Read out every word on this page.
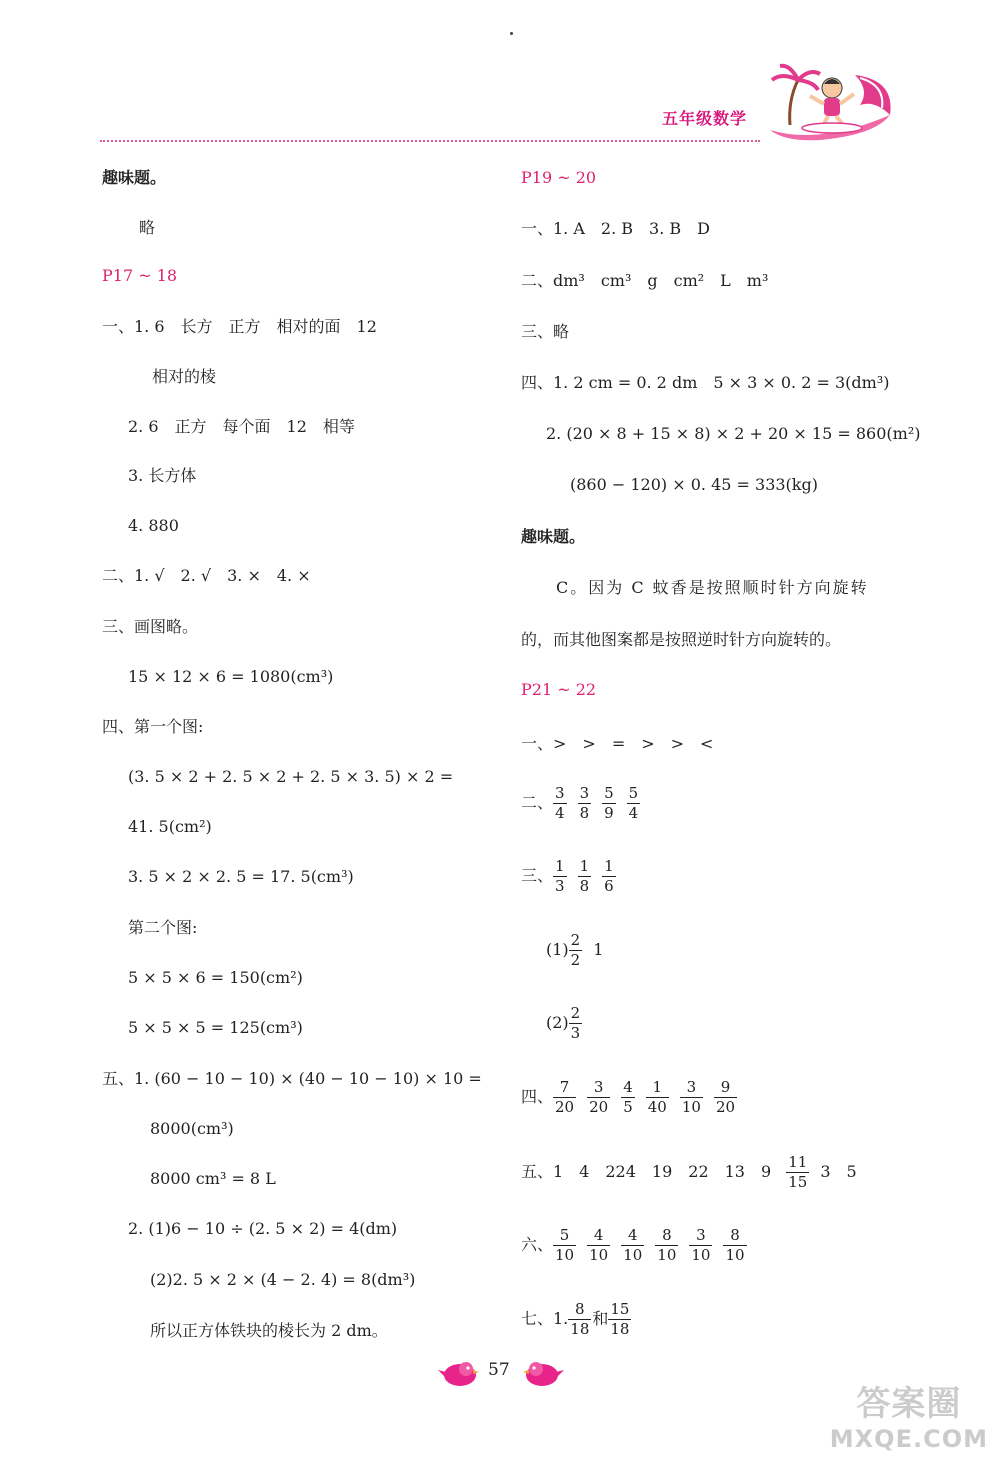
五年级数学
趣味题。
略
P17 ~ 18
一、1. 6　长方　正方　相对的面　12
相对的棱
2. 6　正方　每个面　12　相等
3. 长方体
4. 880
二、1. √　2. √　3. ×　4. ×
三、画图略。
15 × 12 × 6 = 1080(cm³)
四、第一个图:
(3. 5 × 2 + 2. 5 × 2 + 2. 5 × 3. 5) × 2 =
41. 5(cm²)
3. 5 × 2 × 2. 5 = 17. 5(cm³)
第二个图:
5 × 5 × 6 = 150(cm²)
5 × 5 × 5 = 125(cm³)
五、1. (60 − 10 − 10) × (40 − 10 − 10) × 10 =
8000(cm³)
8000 cm³ = 8 L
2. (1)6 − 10 ÷ (2. 5 × 2) = 4(dm)
(2)2. 5 × 2 × (4 − 2. 4) = 8(dm³)
所以正方体铁块的棱长为 2 dm。
P19 ~ 20
一、1. A　2. B　3. B　D
二、dm³　cm³　g　cm²　L　m³
三、略
四、1. 2 cm = 0. 2 dm　5 × 3 × 0. 2 = 3(dm³)
2. (20 × 8 + 15 × 8) × 2 + 20 × 15 = 860(m²)
(860 − 120) × 0. 45 = 333(kg)
趣味题。
C。因为 C 蚊香是按照顺时针方向旋转
的，而其他图案都是按照逆时针方向旋转的。
P21 ~ 22
一、>　>　=　>　>　<
二、 $\frac{3}{4} \frac{3}{8} \frac{5}{9} \frac{5}{4}$
三、 $\frac{1}{3} \frac{1}{8} \frac{1}{6}$
$(1) \frac{2}{2} 1$
$(2) \frac{2}{3}$
四、 $\frac{7}{20} \frac{3}{20} \frac{4}{5} \frac{1}{40} \frac{3}{10} \frac{9}{20}$
五、1　4　224　19　22　13　$9 \frac{11}{15} 3$　5
六、 $\frac{5}{10} \frac{4}{10} \frac{4}{10} \frac{8}{10} \frac{3}{10} \frac{8}{10}$
七、1. $\frac{8}{18}$ 和 $\frac{15}{18}$
57
答案圈
MXQE.COM
